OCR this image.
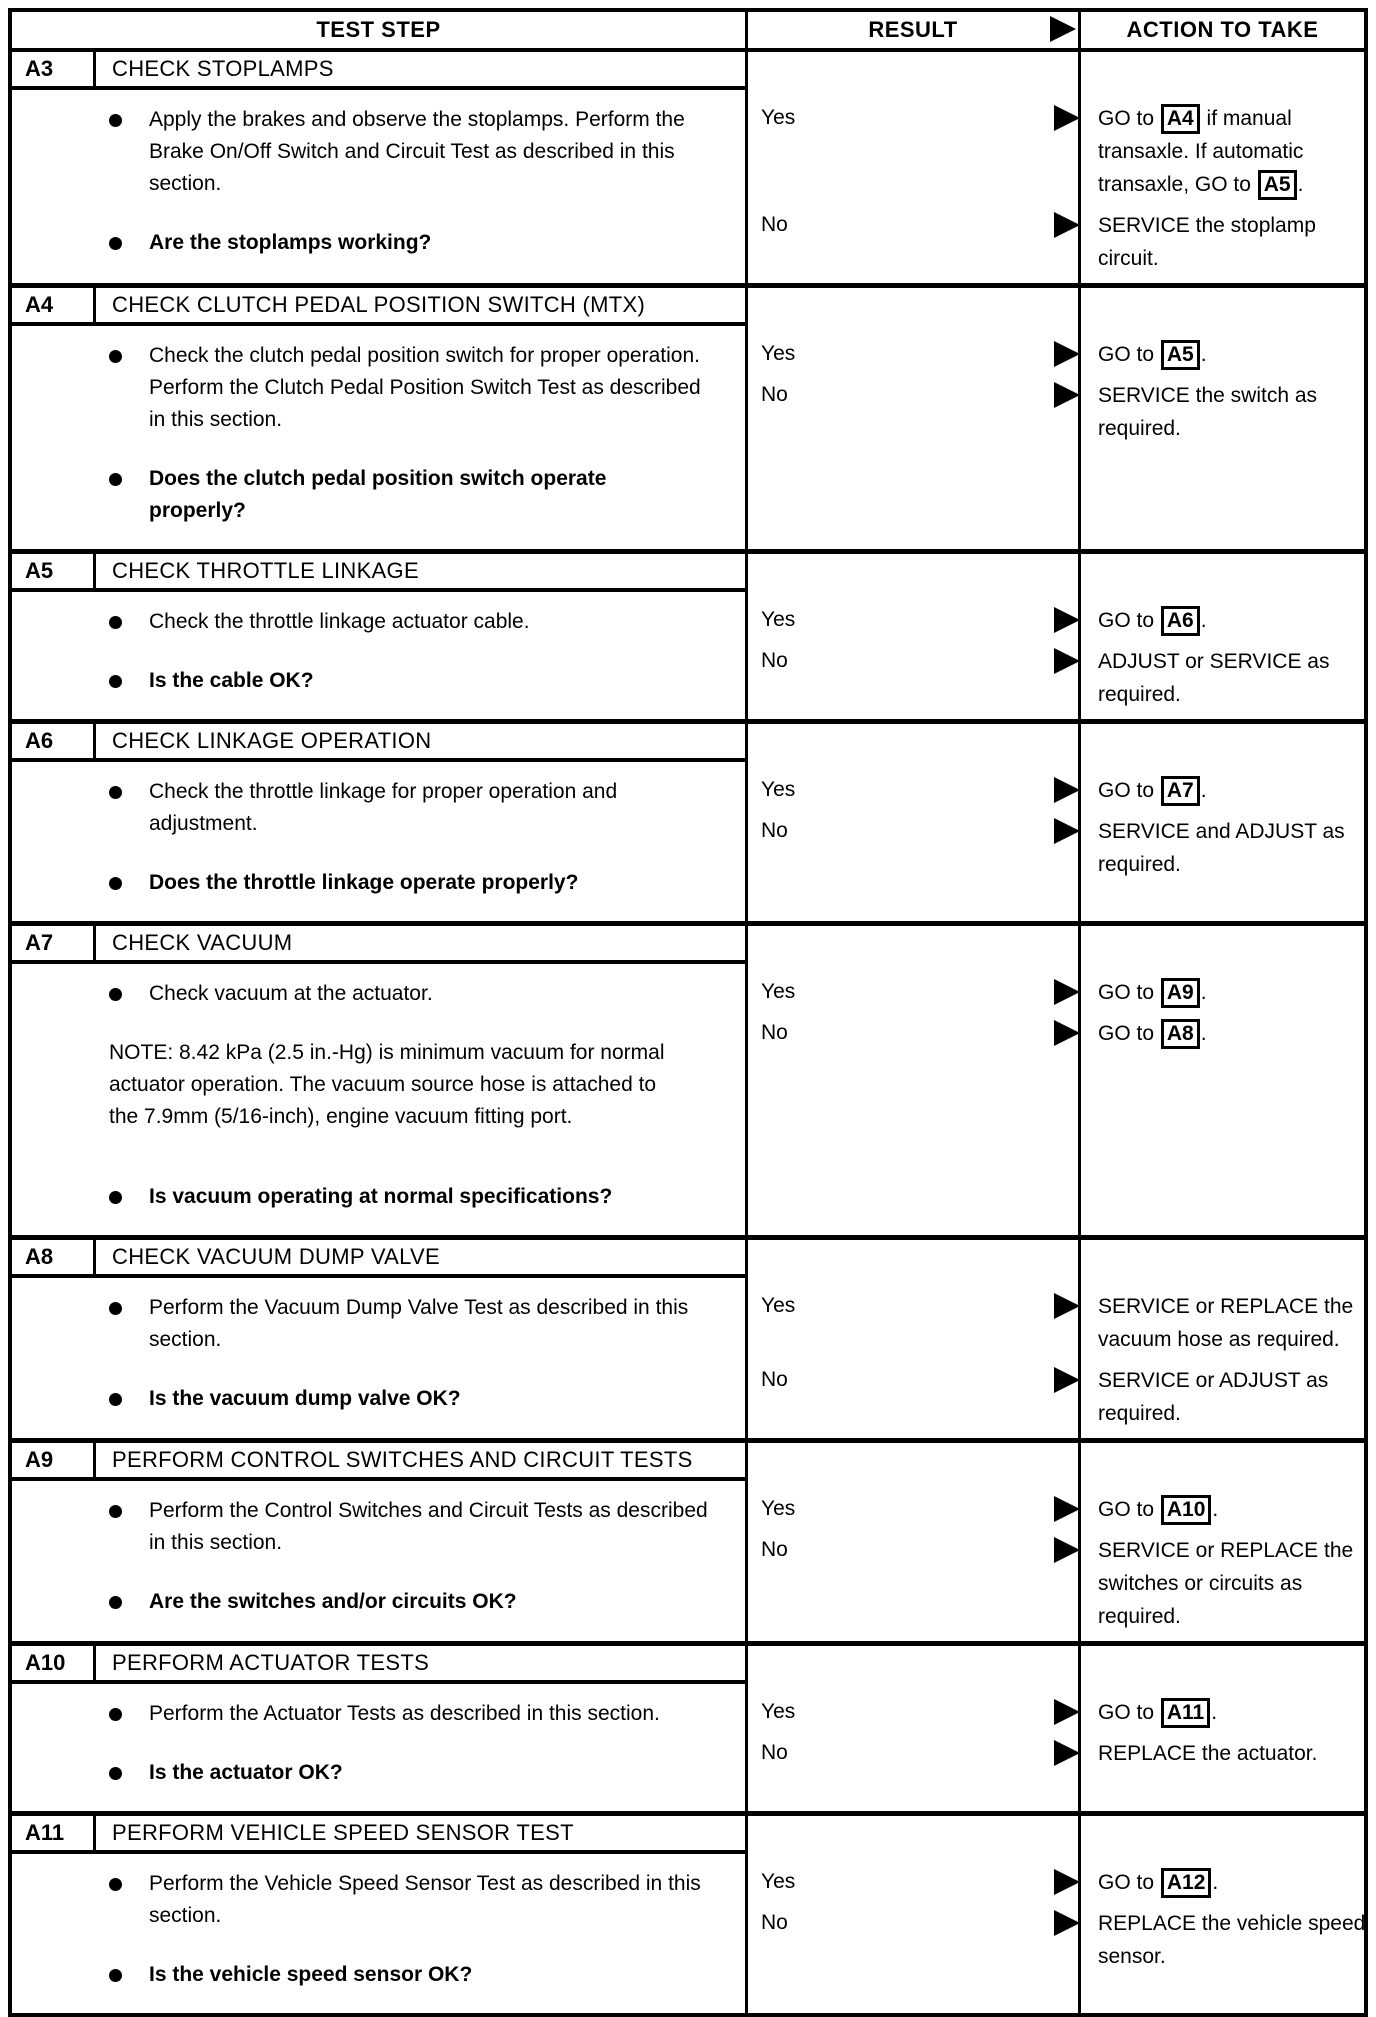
TEST STEP	RESULT	ACTION TO TAKE
A3	CHECK STOPLAMPS
Apply the brakes and observe the stoplamps. Perform the Brake On/Off Switch and Circuit Test as described in this section.
Are the stoplamps working?
Yes	GO to A4 if manual transaxle. If automatic transaxle, GO to A5 .
No	SERVICE the stoplamp circuit.
A4	CHECK CLUTCH PEDAL POSITION SWITCH (MTX)
Check the clutch pedal position switch for proper operation. Perform the Clutch Pedal Position Switch Test as described in this section.
Does the clutch pedal position switch operate properly?
Yes	GO to A5 .
No	SERVICE the switch as required.
A5	CHECK THROTTLE LINKAGE
Check the throttle linkage actuator cable.
Is the cable OK?
Yes	GO to A6 .
No	ADJUST or SERVICE as required.
A6	CHECK LINKAGE OPERATION
Check the throttle linkage for proper operation and adjustment.
Does the throttle linkage operate properly?
Yes	GO to A7 .
No	SERVICE and ADJUST as required.
A7	CHECK VACUUM
Check vacuum at the actuator.

NOTE: 8.42 kPa (2.5 in.-Hg) is minimum vacuum for normal actuator operation. The vacuum source hose is attached to the 7.9mm (5/16-inch), engine vacuum fitting port.

Is vacuum operating at normal specifications?
Yes	GO to A9 .
No	GO to A8 .
A8	CHECK VACUUM DUMP VALVE
Perform the Vacuum Dump Valve Test as described in this section.
Is the vacuum dump valve OK?
Yes	SERVICE or REPLACE the vacuum hose as required.
No	SERVICE or ADJUST as required.
A9	PERFORM CONTROL SWITCHES AND CIRCUIT TESTS
Perform the Control Switches and Circuit Tests as described in this section.
Are the switches and/or circuits OK?
Yes	GO to A10 .
No	SERVICE or REPLACE the switches or circuits as required.
A10	PERFORM ACTUATOR TESTS
Perform the Actuator Tests as described in this section.
Is the actuator OK?
Yes	GO to A11 .
No	REPLACE the actuator.
A11	PERFORM VEHICLE SPEED SENSOR TEST
Perform the Vehicle Speed Sensor Test as described in this section.
Is the vehicle speed sensor OK?
Yes	GO to A12 .
No	REPLACE the vehicle speed sensor.
